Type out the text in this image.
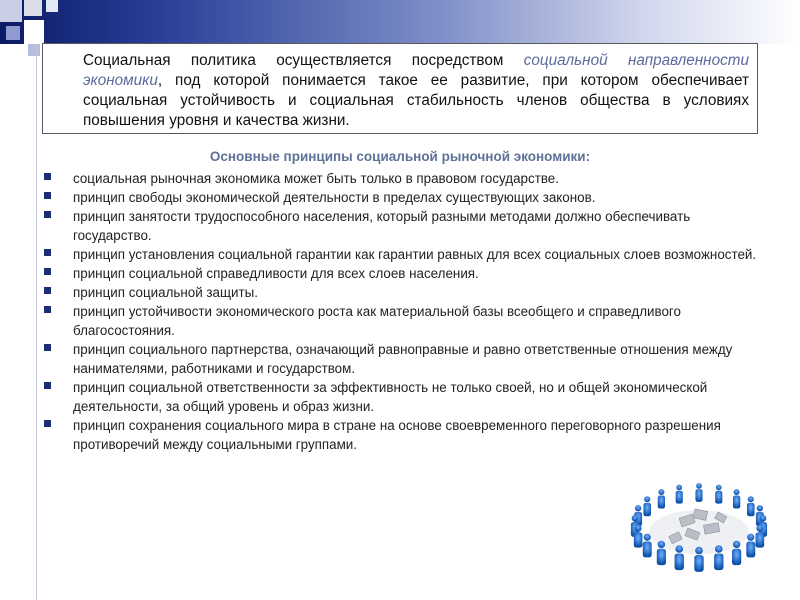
Социальная политика осуществляется посредством социальной направленности экономики, под которой понимается такое ее развитие, при котором обеспечивает социальная устойчивость и социальная стабильность членов общества в условиях повышения уровня и качества жизни.
Основные принципы социальной рыночной экономики:
социальная рыночная экономика может быть только в правовом государстве.
принцип свободы экономической деятельности в пределах существующих законов.
принцип занятости трудоспособного населения, который разными методами должно обеспечивать государство.
принцип установления социальной гарантии как гарантии равных для всех социальных слоев возможностей.
принцип социальной справедливости для всех слоев населения.
принцип социальной защиты.
принцип устойчивости экономического роста как материальной базы всеобщего и справедливого благосостояния.
принцип социального партнерства, означающий равноправные и равно ответственные отношения между нанимателями, работниками и государством.
принцип социальной ответственности за эффективность не только своей, но и общей экономической деятельности, за общий уровень и образ жизни.
принцип сохранения социального мира в стране на основе своевременного переговорного разрешения противоречий между социальными группами.
